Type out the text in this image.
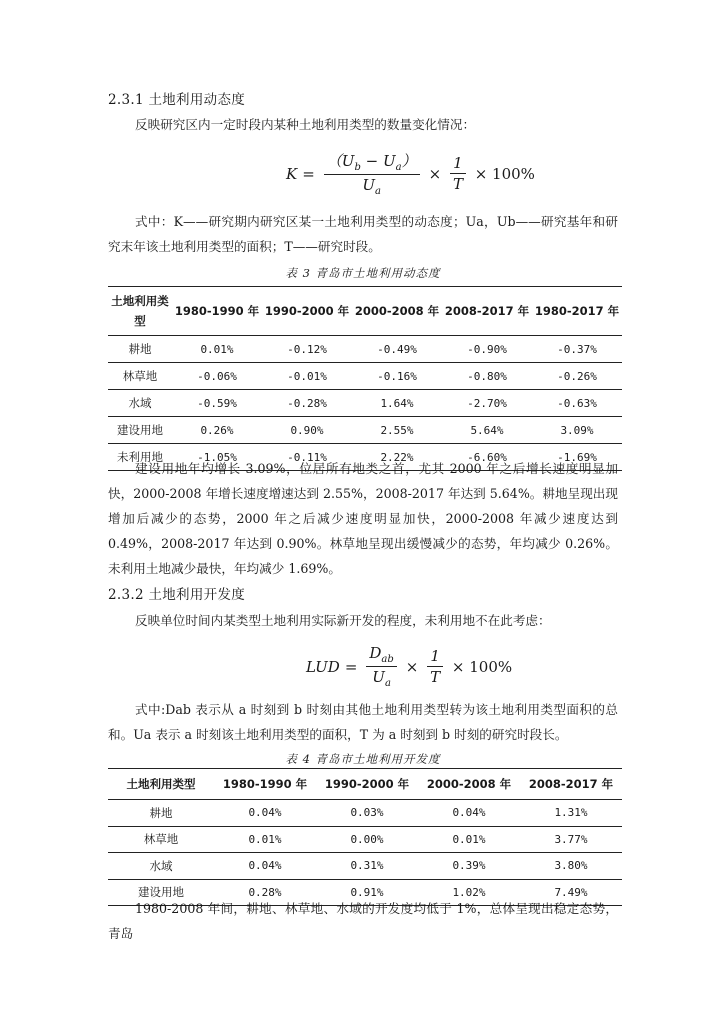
2.3.1 土地利用动态度
反映研究区内一定时段内某种土地利用类型的数量变化情况：
$K = \frac{(U_b - U_a)}{U_a} \times \frac{1}{T} \times 100\%$
式中：K——研究期内研究区某一土地利用类型的动态度；Ua，Ub——研究基年和研究末年该土地利用类型的面积；T——研究时段。
表 3 青岛市土地利用动态度
土地利用类型	1980-1990 年	1990-2000 年	2000-2008 年	2008-2017 年	1980-2017 年
耕地	0.01%	-0.12%	-0.49%	-0.90%	-0.37%
林草地	-0.06%	-0.01%	-0.16%	-0.80%	-0.26%
水域	-0.59%	-0.28%	1.64%	-2.70%	-0.63%
建设用地	0.26%	0.90%	2.55%	5.64%	3.09%
未利用地	-1.05%	-0.11%	2.22%	-6.60%	-1.69%
建设用地年均增长 3.09%，位居所有地类之首，尤其 2000 年之后增长速度明显加快，2000-2008 年增长速度增速达到 2.55%，2008-2017 年达到 5.64%。耕地呈现出现增加后减少的态势，2000 年之后减少速度明显加快，2000-2008 年减少速度达到 0.49%，2008-2017 年达到 0.90%。林草地呈现出缓慢减少的态势，年均减少 0.26%。未利用土地减少最快，年均减少 1.69%。
2.3.2 土地利用开发度
反映单位时间内某类型土地利用实际新开发的程度，未利用地不在此考虑：
LUD = $\frac{D_{ab}}{U_a} \times \frac{1}{T} \times 100\%$
式中:Dab 表示从 a 时刻到 b 时刻由其他土地利用类型转为该土地利用类型面积的总和。Ua 表示 a 时刻该土地利用类型的面积，T 为 a 时刻到 b 时刻的研究时段长。
表 4 青岛市土地利用开发度
土地利用类型	1980-1990 年	1990-2000 年	2000-2008 年	2008-2017 年
耕地	0.04%	0.03%	0.04%	1.31%
林草地	0.01%	0.00%	0.01%	3.77%
水域	0.04%	0.31%	0.39%	3.80%
建设用地	0.28%	0.91%	1.02%	7.49%
1980-2008 年间，耕地、林草地、水域的开发度均低于 1%，总体呈现出稳定态势，青岛
